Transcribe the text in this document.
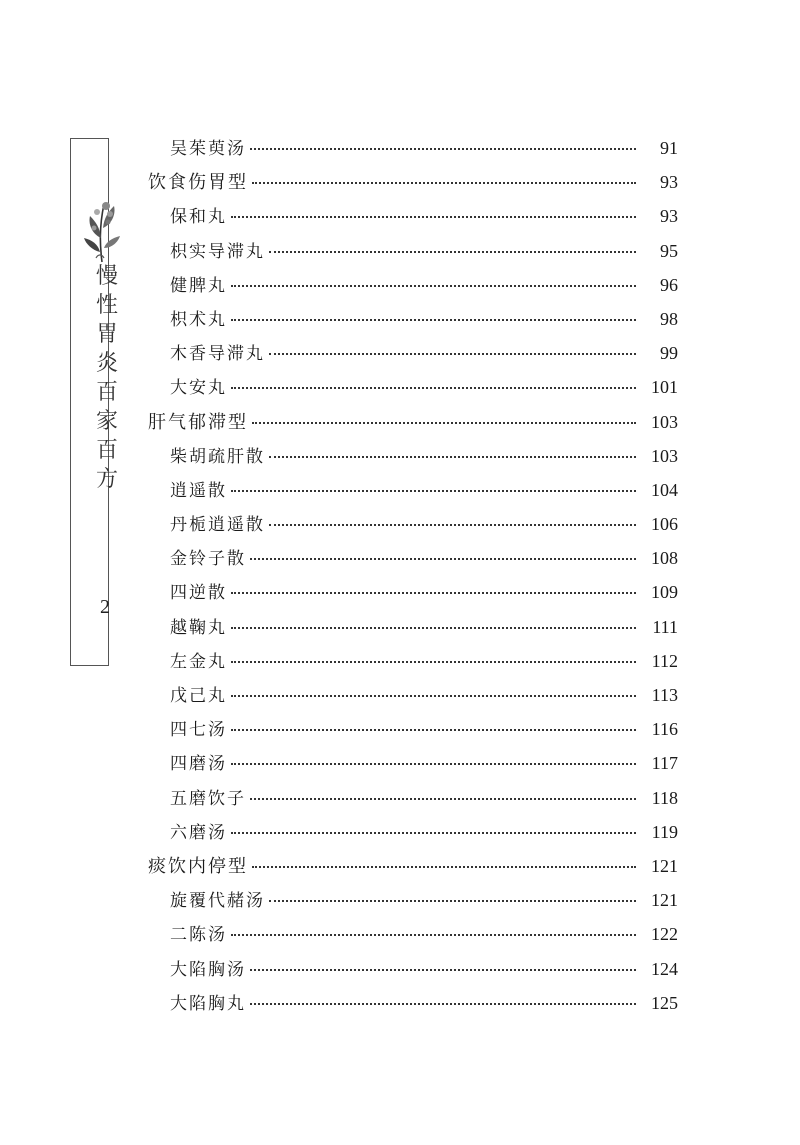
慢性胃炎百家百方
2
吴茱萸汤	91
饮食伤胃型	93
保和丸	93
枳实导滞丸	95
健脾丸	96
枳术丸	98
木香导滞丸	99
大安丸	101
肝气郁滞型	103
柴胡疏肝散	103
逍遥散	104
丹栀逍遥散	106
金铃子散	108
四逆散	109
越鞠丸	111
左金丸	112
戊己丸	113
四七汤	116
四磨汤	117
五磨饮子	118
六磨汤	119
痰饮内停型	121
旋覆代赭汤	121
二陈汤	122
大陷胸汤	124
大陷胸丸	125
